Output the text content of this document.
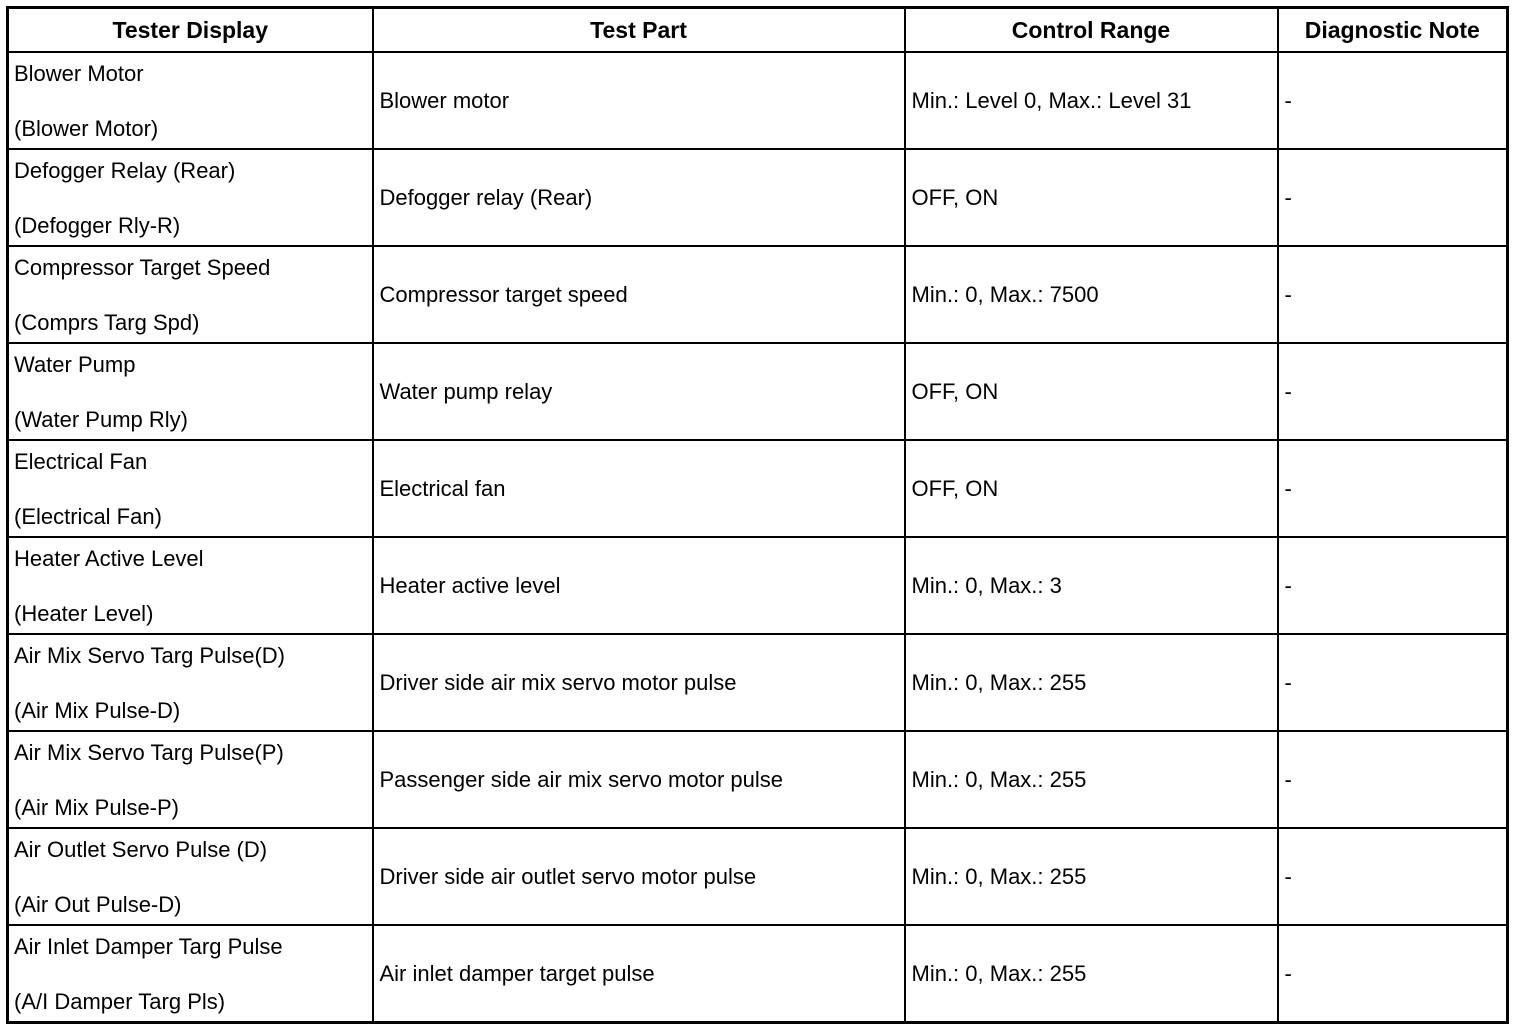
Tester Display	Test Part	Control Range	Diagnostic Note

Blower Motor
(Blower Motor)	Blower motor	Min.: Level 0, Max.: Level 31	-

Defogger Relay (Rear)
(Defogger Rly-R)	Defogger relay (Rear)	OFF, ON	-

Compressor Target Speed
(Comprs Targ Spd)	Compressor target speed	Min.: 0, Max.: 7500	-

Water Pump
(Water Pump Rly)	Water pump relay	OFF, ON	-

Electrical Fan
(Electrical Fan)	Electrical fan	OFF, ON	-

Heater Active Level
(Heater Level)	Heater active level	Min.: 0, Max.: 3	-

Air Mix Servo Targ Pulse(D)
(Air Mix Pulse-D)	Driver side air mix servo motor pulse	Min.: 0, Max.: 255	-

Air Mix Servo Targ Pulse(P)
(Air Mix Pulse-P)	Passenger side air mix servo motor pulse	Min.: 0, Max.: 255	-

Air Outlet Servo Pulse (D)
(Air Out Pulse-D)	Driver side air outlet servo motor pulse	Min.: 0, Max.: 255	-

Air Inlet Damper Targ Pulse
(A/I Damper Targ Pls)	Air inlet damper target pulse	Min.: 0, Max.: 255	-
